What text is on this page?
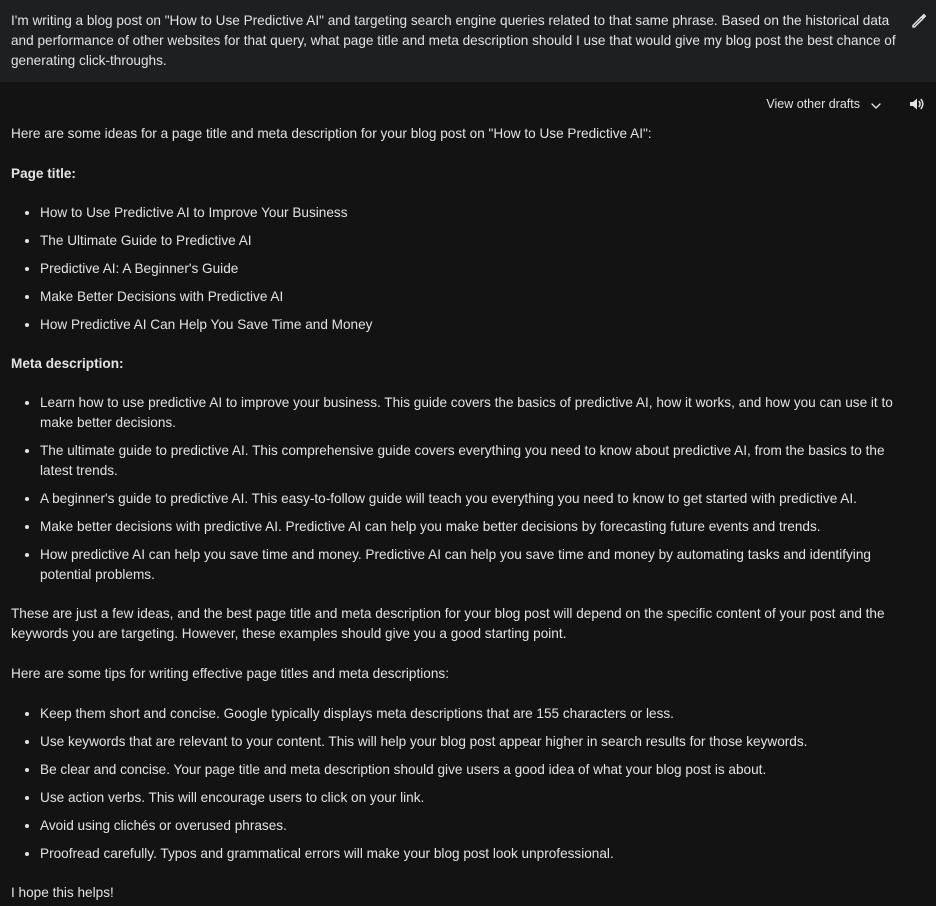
I'm writing a blog post on "How to Use Predictive AI" and targeting search engine queries related to that same phrase. Based on the historical data and performance of other websites for that query, what page title and meta description should I use that would give my blog post the best chance of generating click-throughs.

View other drafts

Here are some ideas for a page title and meta description for your blog post on "How to Use Predictive AI":

Page title:

• How to Use Predictive AI to Improve Your Business
• The Ultimate Guide to Predictive AI
• Predictive AI: A Beginner's Guide
• Make Better Decisions with Predictive AI
• How Predictive AI Can Help You Save Time and Money

Meta description:

• Learn how to use predictive AI to improve your business. This guide covers the basics of predictive AI, how it works, and how you can use it to make better decisions.
• The ultimate guide to predictive AI. This comprehensive guide covers everything you need to know about predictive AI, from the basics to the latest trends.
• A beginner's guide to predictive AI. This easy-to-follow guide will teach you everything you need to know to get started with predictive AI.
• Make better decisions with predictive AI. Predictive AI can help you make better decisions by forecasting future events and trends.
• How predictive AI can help you save time and money. Predictive AI can help you save time and money by automating tasks and identifying potential problems.

These are just a few ideas, and the best page title and meta description for your blog post will depend on the specific content of your post and the keywords you are targeting. However, these examples should give you a good starting point.

Here are some tips for writing effective page titles and meta descriptions:

• Keep them short and concise. Google typically displays meta descriptions that are 155 characters or less.
• Use keywords that are relevant to your content. This will help your blog post appear higher in search results for those keywords.
• Be clear and concise. Your page title and meta description should give users a good idea of what your blog post is about.
• Use action verbs. This will encourage users to click on your link.
• Avoid using clichés or overused phrases.
• Proofread carefully. Typos and grammatical errors will make your blog post look unprofessional.

I hope this helps!
